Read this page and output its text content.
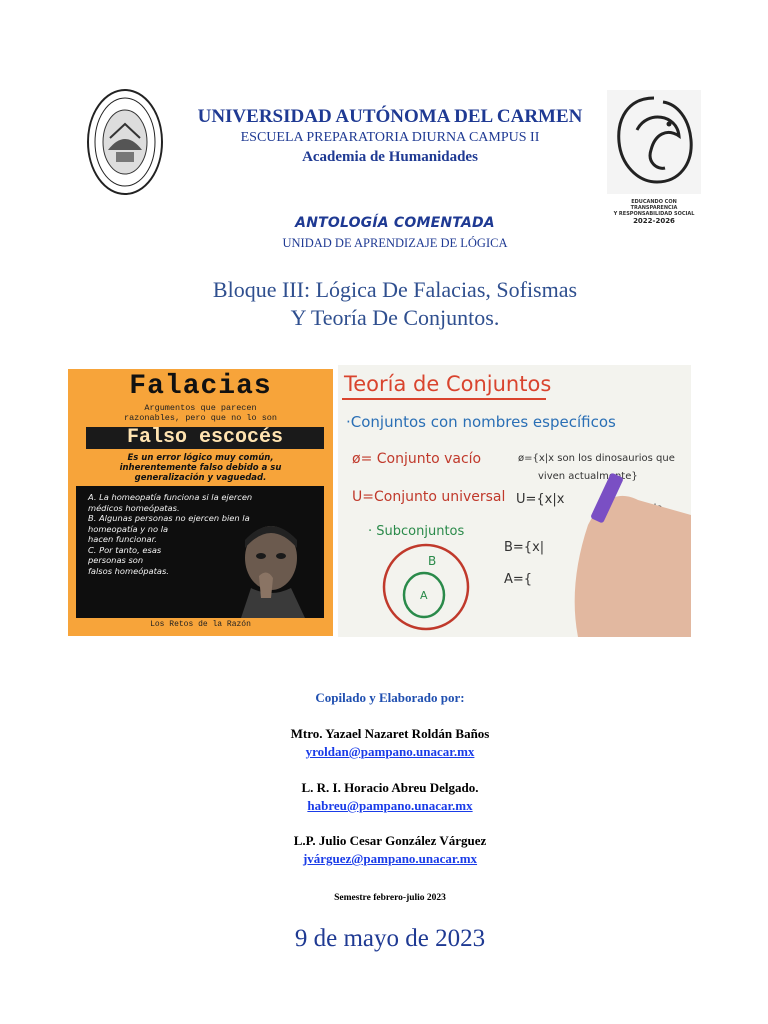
EDUCANDO CON TRANSPARENCIA
Y RESPONSABILIDAD SOCIAL
2022-2026
UNIVERSIDAD AUTÓNOMA DEL CARMEN
ESCUELA PREPARATORIA DIURNA CAMPUS II
Academia de Humanidades
ANTOLOGÍA COMENTADA
UNIDAD DE APRENDIZAJE DE LÓGICA
Bloque III: Lógica De Falacias, Sofismas
Y Teoría De Conjuntos.
Falacias
Argumentos que parecen
razonables, pero que no lo son
Falso escocés
Es un error lógico muy común,
inherentemente falso debido a su
generalización y vaguedad.
A. La homeopatía funciona si la ejercen
médicos homeópatas.
B. Algunas personas no ejercen bien la
homeopatía y no la
hacen funcionar.
C. Por tanto, esas
personas son
falsos homeópatas.
Los Retos de la Razón
Teoría de Conjuntos
·Conjuntos con nombres específicos
ø= Conjunto vacío	ø={x|x son los dinosaurios que
viven actualmente}
U=Conjunto universal U={x|x
· Subconjuntos
B={x|
A={
B
A
Copilado y Elaborado por:
Mtro. Yazael Nazaret Roldán Baños
yroldan@pampano.unacar.mx
L. R. I. Horacio Abreu Delgado.
habreu@pampano.unacar.mx
L.P. Julio Cesar González Várguez
jvárguez@pampano.unacar.mx
Semestre febrero-julio 2023
9 de mayo de 2023
